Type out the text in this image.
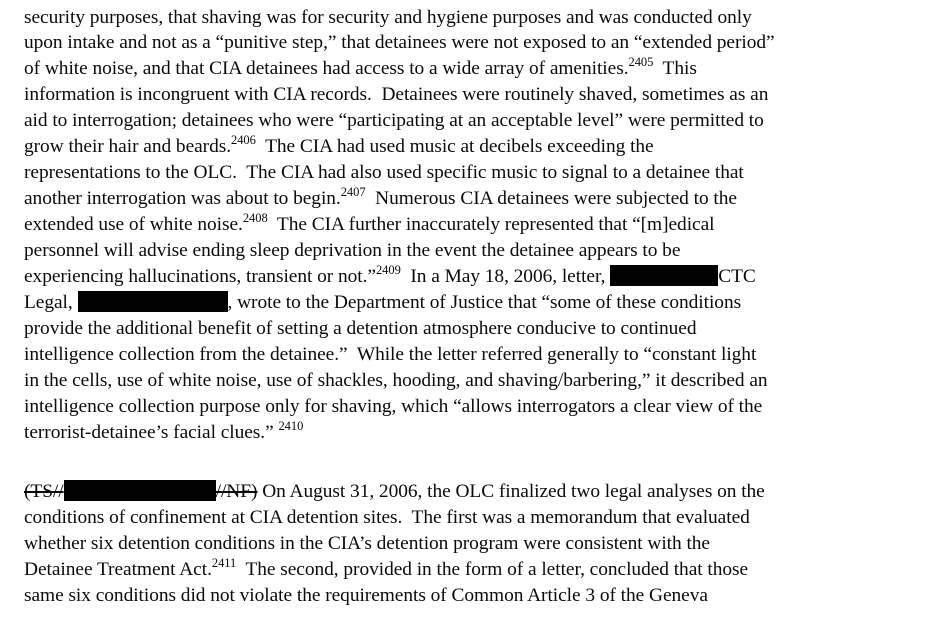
security purposes, that shaving was for security and hygiene purposes and was conducted only
upon intake and not as a “punitive step,” that detainees were not exposed to an “extended period”
of white noise, and that CIA detainees had access to a wide array of amenities.$^{2405}$  This
information is incongruent with CIA records.  Detainees were routinely shaved, sometimes as an
aid to interrogation; detainees who were “participating at an acceptable level” were permitted to
grow their hair and beards.$^{2406}$  The CIA had used music at decibels exceeding the
representations to the OLC.  The CIA had also used specific music to signal to a detainee that
another interrogation was about to begin.$^{2407}$  Numerous CIA detainees were subjected to the
extended use of white noise.$^{2408}$  The CIA further inaccurately represented that “[m]edical
personnel will advise ending sleep deprivation in the event the detainee appears to be
experiencing hallucinations, transient or not.”$^{2409}$  In a May 18, 2006, letter,	CTC
Legal,	, wrote to the Department of Justice that “some of these conditions
provide the additional benefit of setting a detention atmosphere conducive to continued
intelligence collection from the detainee.”  While the letter referred generally to “constant light
in the cells, use of white noise, use of shackles, hooding, and shaving/barbering,” it described an
intelligence collection purpose only for shaving, which “allows interrogators a clear view of the
terrorist-detainee’s facial clues.” $^{2410}$
(TS//	//NF) On August 31, 2006, the OLC finalized two legal analyses on the
conditions of confinement at CIA detention sites.  The first was a memorandum that evaluated
whether six detention conditions in the CIA’s detention program were consistent with the
Detainee Treatment Act.$^{2411}$  The second, provided in the form of a letter, concluded that those
same six conditions did not violate the requirements of Common Article 3 of the Geneva
